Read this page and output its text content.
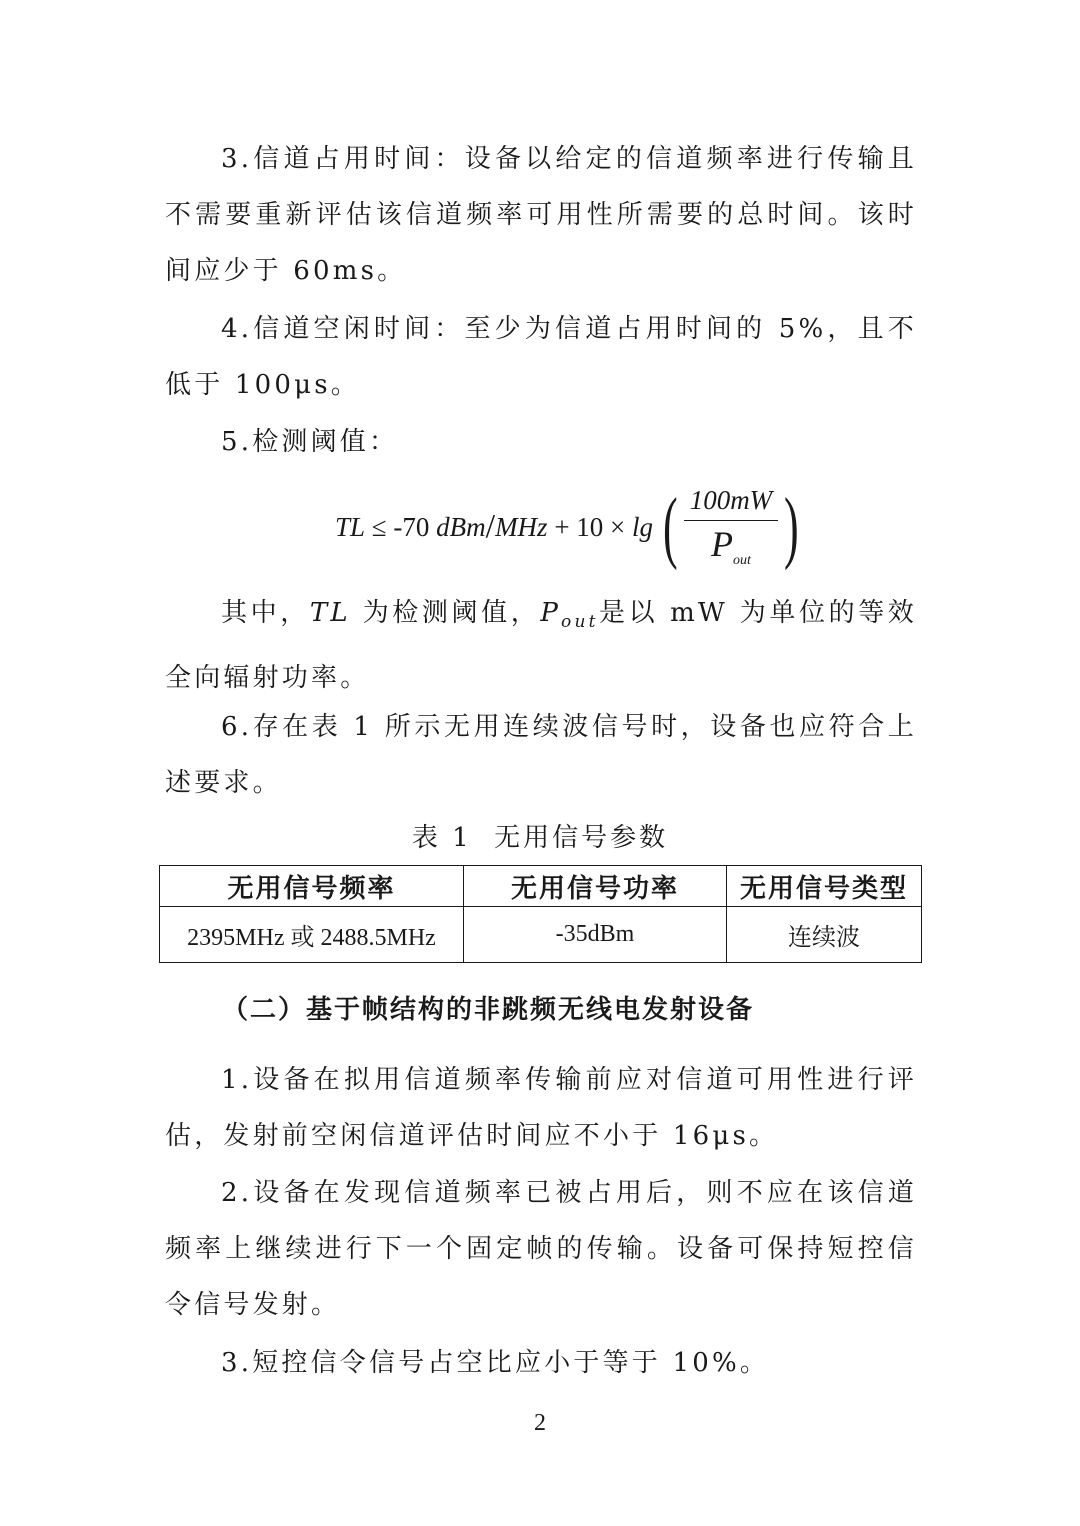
3.信道占用时间：设备以给定的信道频率进行传输且不需要重新评估该信道频率可用性所需要的总时间。该时间应少于 60ms。

4.信道空闲时间：至少为信道占用时间的 5%，且不低于 100μs。

5.检测阈值：

TL ≤ -70 dBm / MHz + 10 × lg ( $\frac{100mW}{P_{out}}$ )

其中，TL 为检测阈值，$P_{out}$是以 mW 为单位的等效全向辐射功率。

6.存在表 1 所示无用连续波信号时，设备也应符合上述要求。

表 1  无用信号参数
无用信号频率	无用信号功率	无用信号类型
2395MHz 或 2488.5MHz	-35dBm	连续波
（二）基于帧结构的非跳频无线电发射设备

1.设备在拟用信道频率传输前应对信道可用性进行评估，发射前空闲信道评估时间应不小于 16μs。

2.设备在发现信道频率已被占用后，则不应在该信道频率上继续进行下一个固定帧的传输。设备可保持短控信令信号发射。

3.短控信令信号占空比应小于等于 10%。

2
